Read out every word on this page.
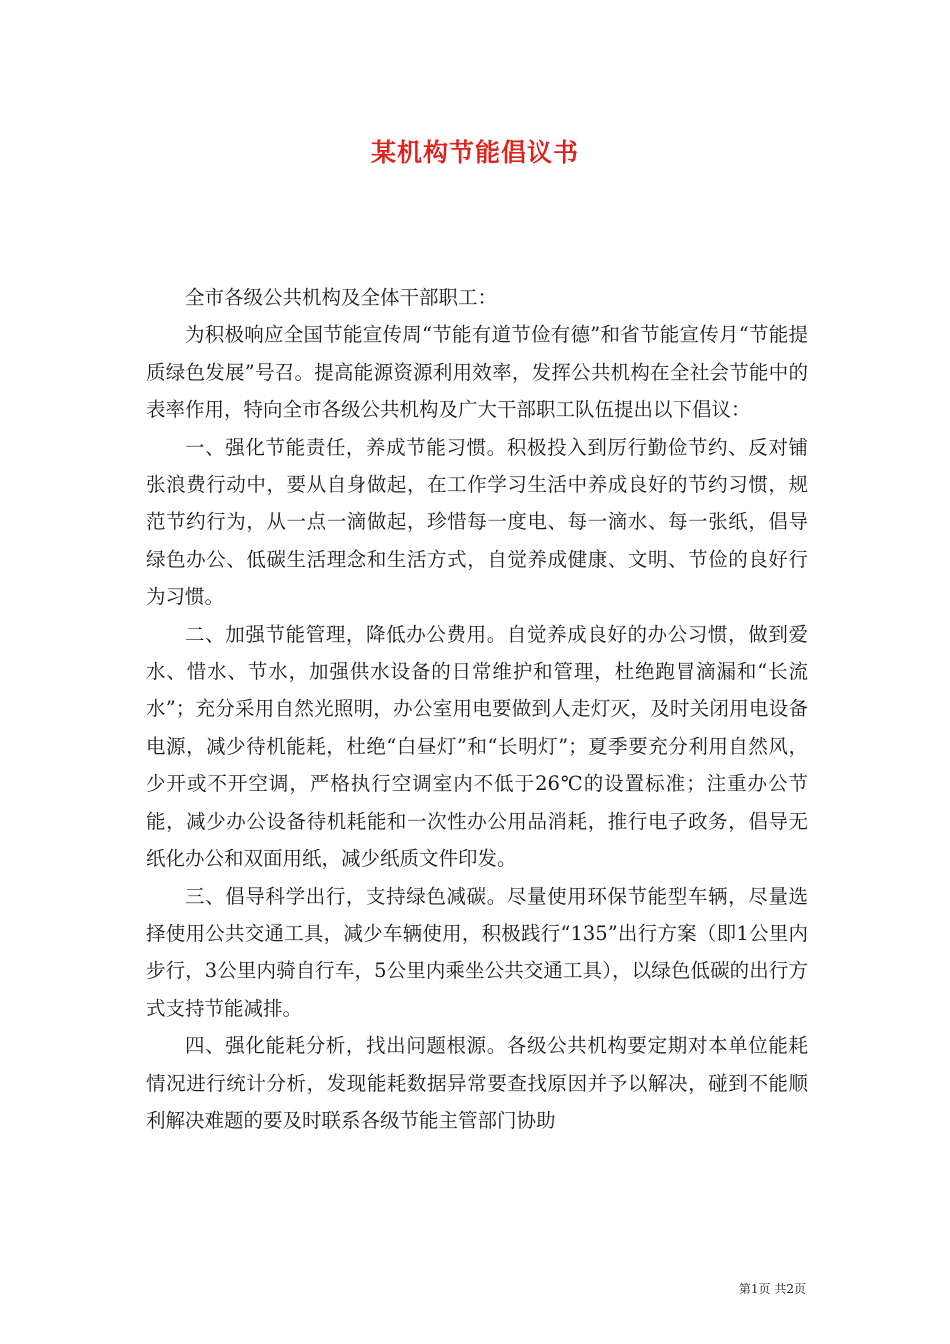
某机构节能倡议书

全市各级公共机构及全体干部职工：

为积极响应全国节能宣传周“节能有道节俭有德”和省节能宣传月“节能提质绿色发展”号召。提高能源资源利用效率，发挥公共机构在全社会节能中的表率作用，特向全市各级公共机构及广大干部职工队伍提出以下倡议：

一、强化节能责任，养成节能习惯。积极投入到厉行勤俭节约、反对铺张浪费行动中，要从自身做起，在工作学习生活中养成良好的节约习惯，规范节约行为，从一点一滴做起，珍惜每一度电、每一滴水、每一张纸，倡导绿色办公、低碳生活理念和生活方式，自觉养成健康、文明、节俭的良好行为习惯。

二、加强节能管理，降低办公费用。自觉养成良好的办公习惯，做到爱水、惜水、节水，加强供水设备的日常维护和管理，杜绝跑冒滴漏和“长流水”；充分采用自然光照明，办公室用电要做到人走灯灭，及时关闭用电设备电源，减少待机能耗，杜绝“白昼灯”和“长明灯”；夏季要充分利用自然风，少开或不开空调，严格执行空调室内不低于26℃的设置标准；注重办公节能，减少办公设备待机耗能和一次性办公用品消耗，推行电子政务，倡导无纸化办公和双面用纸，减少纸质文件印发。

三、倡导科学出行，支持绿色减碳。尽量使用环保节能型车辆，尽量选择使用公共交通工具，减少车辆使用，积极践行“135”出行方案（即1公里内步行，3公里内骑自行车，5公里内乘坐公共交通工具），以绿色低碳的出行方式支持节能减排。

四、强化能耗分析，找出问题根源。各级公共机构要定期对本单位能耗情况进行统计分析，发现能耗数据异常要查找原因并予以解决，碰到不能顺利解决难题的要及时联系各级节能主管部门协助

第1页 共2页
